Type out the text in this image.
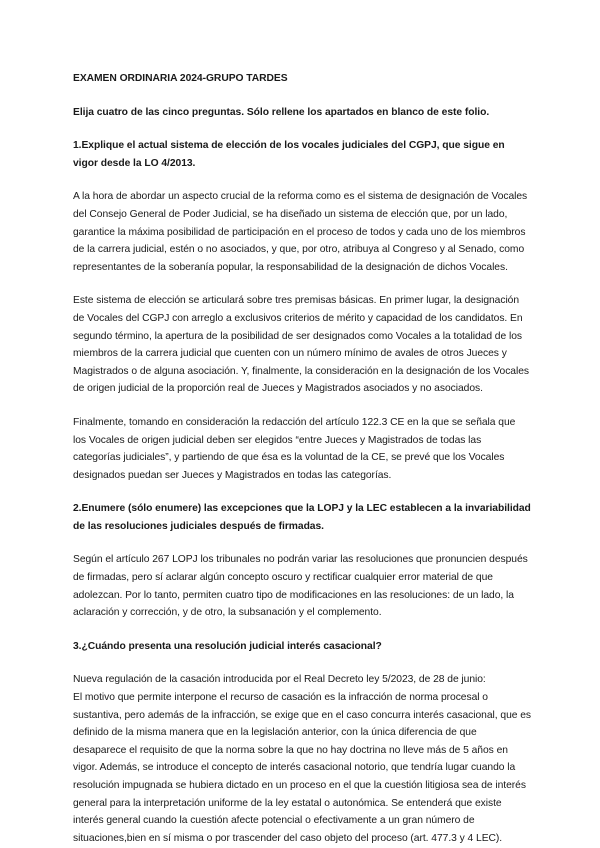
EXAMEN ORDINARIA 2024-GRUPO TARDES

Elija cuatro de las cinco preguntas. Sólo rellene los apartados en blanco de este folio.

1.Explique el actual sistema de elección de los vocales judiciales del CGPJ, que sigue en vigor desde la LO 4/2013.

A la hora de abordar un aspecto crucial de la reforma como es el sistema de designación de Vocales del Consejo General de Poder Judicial, se ha diseñado un sistema de elección que, por un lado, garantice la máxima posibilidad de participación en el proceso de todos y cada uno de los miembros de la carrera judicial, estén o no asociados, y que, por otro, atribuya al Congreso y al Senado, como representantes de la soberanía popular, la responsabilidad de la designación de dichos Vocales.

Este sistema de elección se articulará sobre tres premisas básicas. En primer lugar, la designación de Vocales del CGPJ con arreglo a exclusivos criterios de mérito y capacidad de los candidatos. En segundo término, la apertura de la posibilidad de ser designados como Vocales a la totalidad de los miembros de la carrera judicial que cuenten con un número mínimo de avales de otros Jueces y Magistrados o de alguna asociación. Y, finalmente, la consideración en la designación de los Vocales de origen judicial de la proporción real de Jueces y Magistrados asociados y no asociados.

Finalmente, tomando en consideración la redacción del artículo 122.3 CE en la que se señala que los Vocales de origen judicial deben ser elegidos “entre Jueces y Magistrados de todas las categorías judiciales”, y partiendo de que ésa es la voluntad de la CE, se prevé que los Vocales designados puedan ser Jueces y Magistrados en todas las categorías.

2.Enumere (sólo enumere) las excepciones que la LOPJ y la LEC establecen a la invariabilidad de las resoluciones judiciales después de firmadas.

Según el artículo 267 LOPJ los tribunales no podrán variar las resoluciones que pronuncien después de firmadas, pero sí aclarar algún concepto oscuro y rectificar cualquier error material de que adolezcan. Por lo tanto, permiten cuatro tipo de modificaciones en las resoluciones: de un lado, la aclaración y corrección, y de otro, la subsanación y el complemento.

3.¿Cuándo presenta una resolución judicial interés casacional?

Nueva regulación de la casación introducida por el Real Decreto ley 5/2023, de 28 de junio:

El motivo que permite interpone el recurso de casación es la infracción de norma procesal o sustantiva, pero además de la infracción, se exige que en el caso concurra interés casacional, que es definido de la misma manera que en la legislación anterior, con la única diferencia de que desaparece el requisito de que la norma sobre la que no hay doctrina no lleve más de 5 años en vigor. Además, se introduce el concepto de interés casacional notorio, que tendría lugar cuando la resolución impugnada se hubiera dictado en un proceso en el que la cuestión litigiosa sea de interés general para la interpretación uniforme de la ley estatal o autonómica. Se entenderá que existe interés general cuando la cuestión afecte potencial o efectivamente a un gran número de situaciones,bien en sí misma o por trascender del caso objeto del proceso (art. 477.3 y 4 LEC).
